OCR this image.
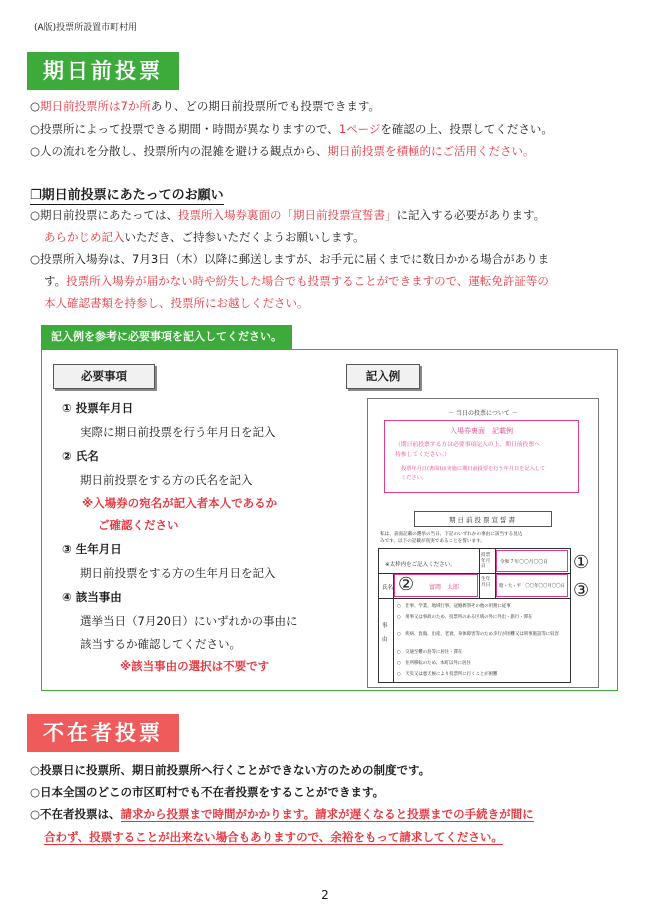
(A版)投票所設置市町村用
期日前投票
○期日前投票所は7か所あり、どの期日前投票所でも投票できます。
○投票所によって投票できる期間・時間が異なりますので、1ページを確認の上、投票してください。
○人の流れを分散し、投票所内の混雑を避ける観点から、期日前投票を積極的にご活用ください。
❐期日前投票にあたってのお願い
○期日前投票にあたっては、投票所入場券裏面の「期日前投票宣誓書」に記入する必要があります。
あらかじめ記入いただき、ご持参いただくようお願いします。
○投票所入場券は、7月3日（木）以降に郵送しますが、お手元に届くまでに数日かかる場合がありま
す。投票所入場券が届かない時や紛失した場合でも投票することができますので、運転免許証等の
本人確認書類を持参し、投票所にお越しください。
記入例を参考に必要事項を記入してください。
必要事項	記入例
① 投票年月日
実際に期日前投票を行う年月日を記入
② 氏名
期日前投票をする方の氏名を記入
※入場券の宛名が記入者本人であるか
ご確認ください
③ 生年月日
期日前投票をする方の生年月日を記入
④ 該当事由
選挙当日（7月20日）にいずれかの事由に
該当するか確認してください。
※該当事由の選択は不要です
－ 当日の投票について －
入場券裏面　記載例
（期日前投票する方は必要事項記入の上、期日前投票へ
持参してください。）
投票年月日(書面)は実施に期日前投票を行う年月日を記入して
ください。
期日前投票宣誓書
私は、表面記載の選挙の当日、下記のいずれかの事由に該当する見込
みです。以下の記載が真実であることを誓います。
※太枠内をご記入ください。
投票年月日
令和７年〇〇月〇〇日
氏名	富岡　太郎
生年月日	昭・大・平　〇〇年〇〇月〇〇日
事由
○　仕事、学業、地域行事、冠婚葬祭その他の用務に従事
○　用事又は事故のため、投票所のある区域の外に外出・旅行・滞在
○　疾病、負傷、出産、老衰、身体障害等のため歩行が困難又は刑事施設等に収容
○　交通至難の島等に居住・滞在
○　住所移転のため、本町以外に居住
○　天災又は悪天候により投票所に行くことが困難
①
②	③
不在者投票
○投票日に投票所、期日前投票所へ行くことができない方のための制度です。
○日本全国のどこの市区町村でも不在者投票をすることができます。
○不在者投票は、請求から投票まで時間がかかります。請求が遅くなると投票までの手続きが間に
合わず、投票することが出来ない場合もありますので、余裕をもって請求してください。
2
